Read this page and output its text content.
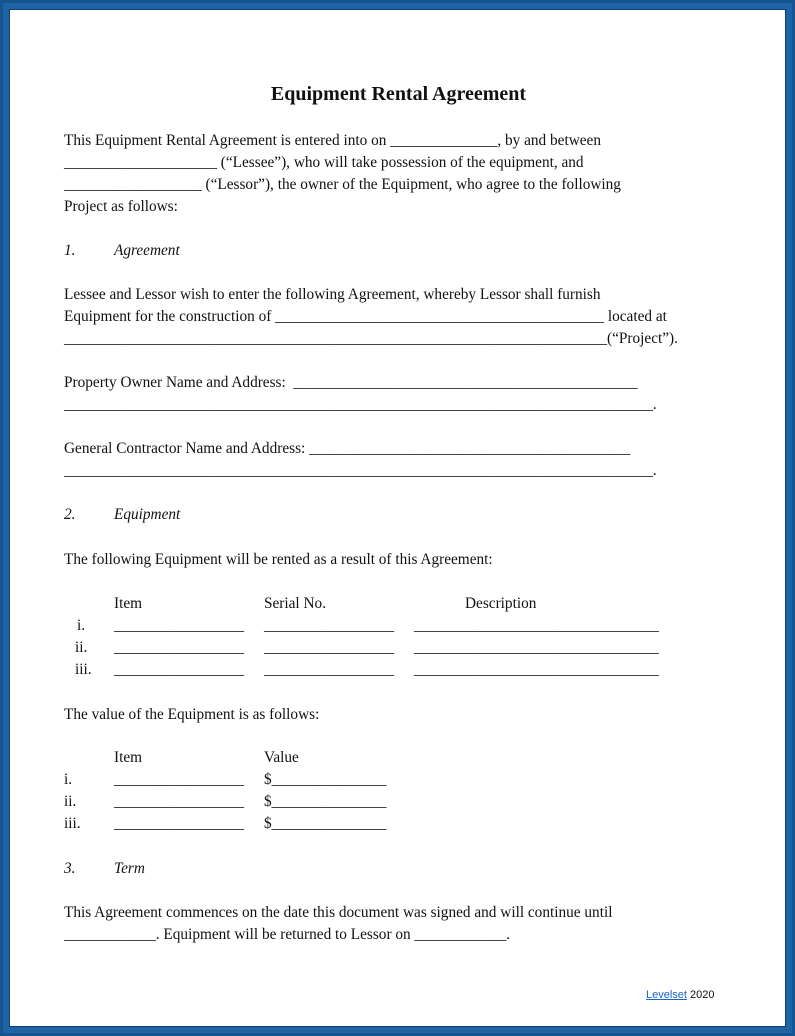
Equipment Rental Agreement
This Equipment Rental Agreement is entered into on ______________, by and between
____________________ (“Lessee”), who will take possession of the equipment, and
__________________ (“Lessor”), the owner of the Equipment, who agree to the following
Project as follows:
1.	Agreement
Lessee and Lessor wish to enter the following Agreement, whereby Lessor shall furnish
Equipment for the construction of ___________________________________________ located at
_______________________________________________________________________(“Project”).
Property Owner Name and Address:  _____________________________________________
_____________________________________________________________________________.
General Contractor Name and Address: __________________________________________
_____________________________________________________________________________.
2.	Equipment
The following Equipment will be rented as a result of this Agreement:
Item	Serial No.	Description
i. _________________ _________________ ________________________________
ii. _________________ _________________ ________________________________
iii. _________________ _________________ ________________________________
The value of the Equipment is as follows:
Item	Value
i.	_________________ $_______________
ii. _________________ $_______________
iii. _________________ $_______________
3.	Term
This Agreement commences on the date this document was signed and will continue until
____________. Equipment will be returned to Lessor on ____________.
Levelset 2020
